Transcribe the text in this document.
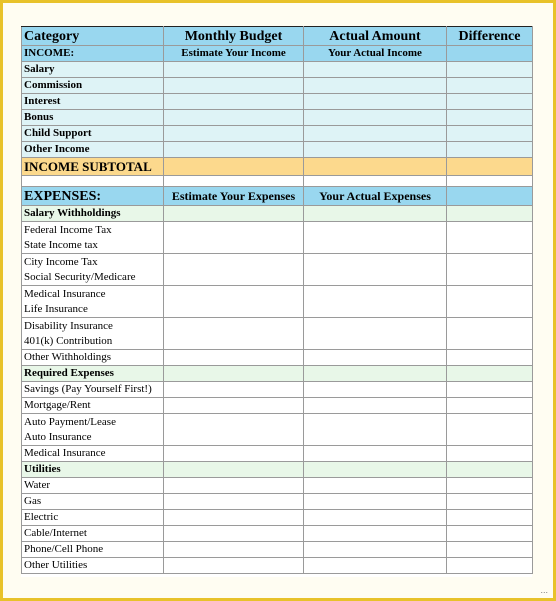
Category	Monthly Budget	Actual Amount	Difference
INCOME:	Estimate Your Income	Your Actual Income	
Salary			
Commission			
Interest			
Bonus			
Child Support			
Other Income			
INCOME SUBTOTAL			

EXPENSES:	Estimate Your Expenses	Your Actual Expenses	
Salary Withholdings			

Federal Income Tax
State Income tax			

City Income Tax
Social Security/Medicare			

Medical Insurance
Life Insurance			

Disability Insurance
401(k) Contribution			

Other Withholdings			

Required Expenses			

Savings (Pay Yourself First!)			

Mortgage/Rent			

Auto Payment/Lease
Auto Insurance			

Medical Insurance			

Utilities			

Water			

Gas			

Electric			

Cable/Internet			

Phone/Cell Phone			

Other Utilities			

...
